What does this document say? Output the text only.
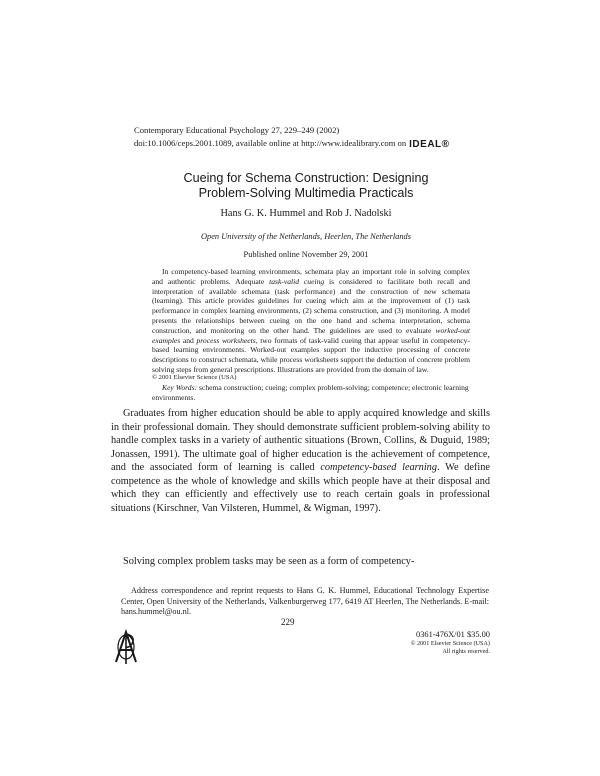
Contemporary Educational Psychology 27, 229–249 (2002)
doi:10.1006/ceps.2001.1089, available online at http://www.idealibrary.com on IDEAL®
Cueing for Schema Construction: Designing
Problem-Solving Multimedia Practicals
Hans G. K. Hummel and Rob J. Nadolski
Open University of the Netherlands, Heerlen, The Netherlands
Published online November 29, 2001

In competency-based learning environments, schemata play an important role in solving complex and authentic problems. Adequate task-valid cueing is considered to facilitate both recall and interpretation of available schemata (task performance) and the construction of new schemata (learning). This article provides guidelines for cueing which aim at the improvement of (1) task performance in complex learning environments, (2) schema construction, and (3) monitoring. A model presents the relationships between cueing on the one hand and schema interpretation, schema construction, and monitoring on the other hand. The guidelines are used to evaluate worked-out examples and process worksheets, two formats of task-valid cueing that appear useful in competency-based learning environments. Worked-out examples support the inductive processing of concrete descriptions to construct schemata, while process worksheets support the deduction of concrete problem solving steps from general prescriptions. Illustrations are provided from the domain of law.

© 2001 Elsevier Science (USA)

Key Words: schema construction; cueing; complex problem-solving; competence; electronic learning environments.

Graduates from higher education should be able to apply acquired knowledge and skills in their professional domain. They should demonstrate sufficient problem-solving ability to handle complex tasks in a variety of authentic situations (Brown, Collins, & Duguid, 1989; Jonassen, 1991). The ultimate goal of higher education is the achievement of competence, and the associated form of learning is called competency-based learning. We define competence as the whole of knowledge and skills which people have at their disposal and which they can efficiently and effectively use to reach certain goals in professional situations (Kirschner, Van Vilsteren, Hummel, & Wigman, 1997).

Solving complex problem tasks may be seen as a form of competency-

Address correspondence and reprint requests to Hans G. K. Hummel, Educational Technology Expertise Center, Open University of the Netherlands, Valkenburgerweg 177, 6419 AT Heerlen, The Netherlands. E-mail: hans.hummel@ou.nl.

229
0361-476X/01 $35.00
© 2001 Elsevier Science (USA)
All rights reserved.
